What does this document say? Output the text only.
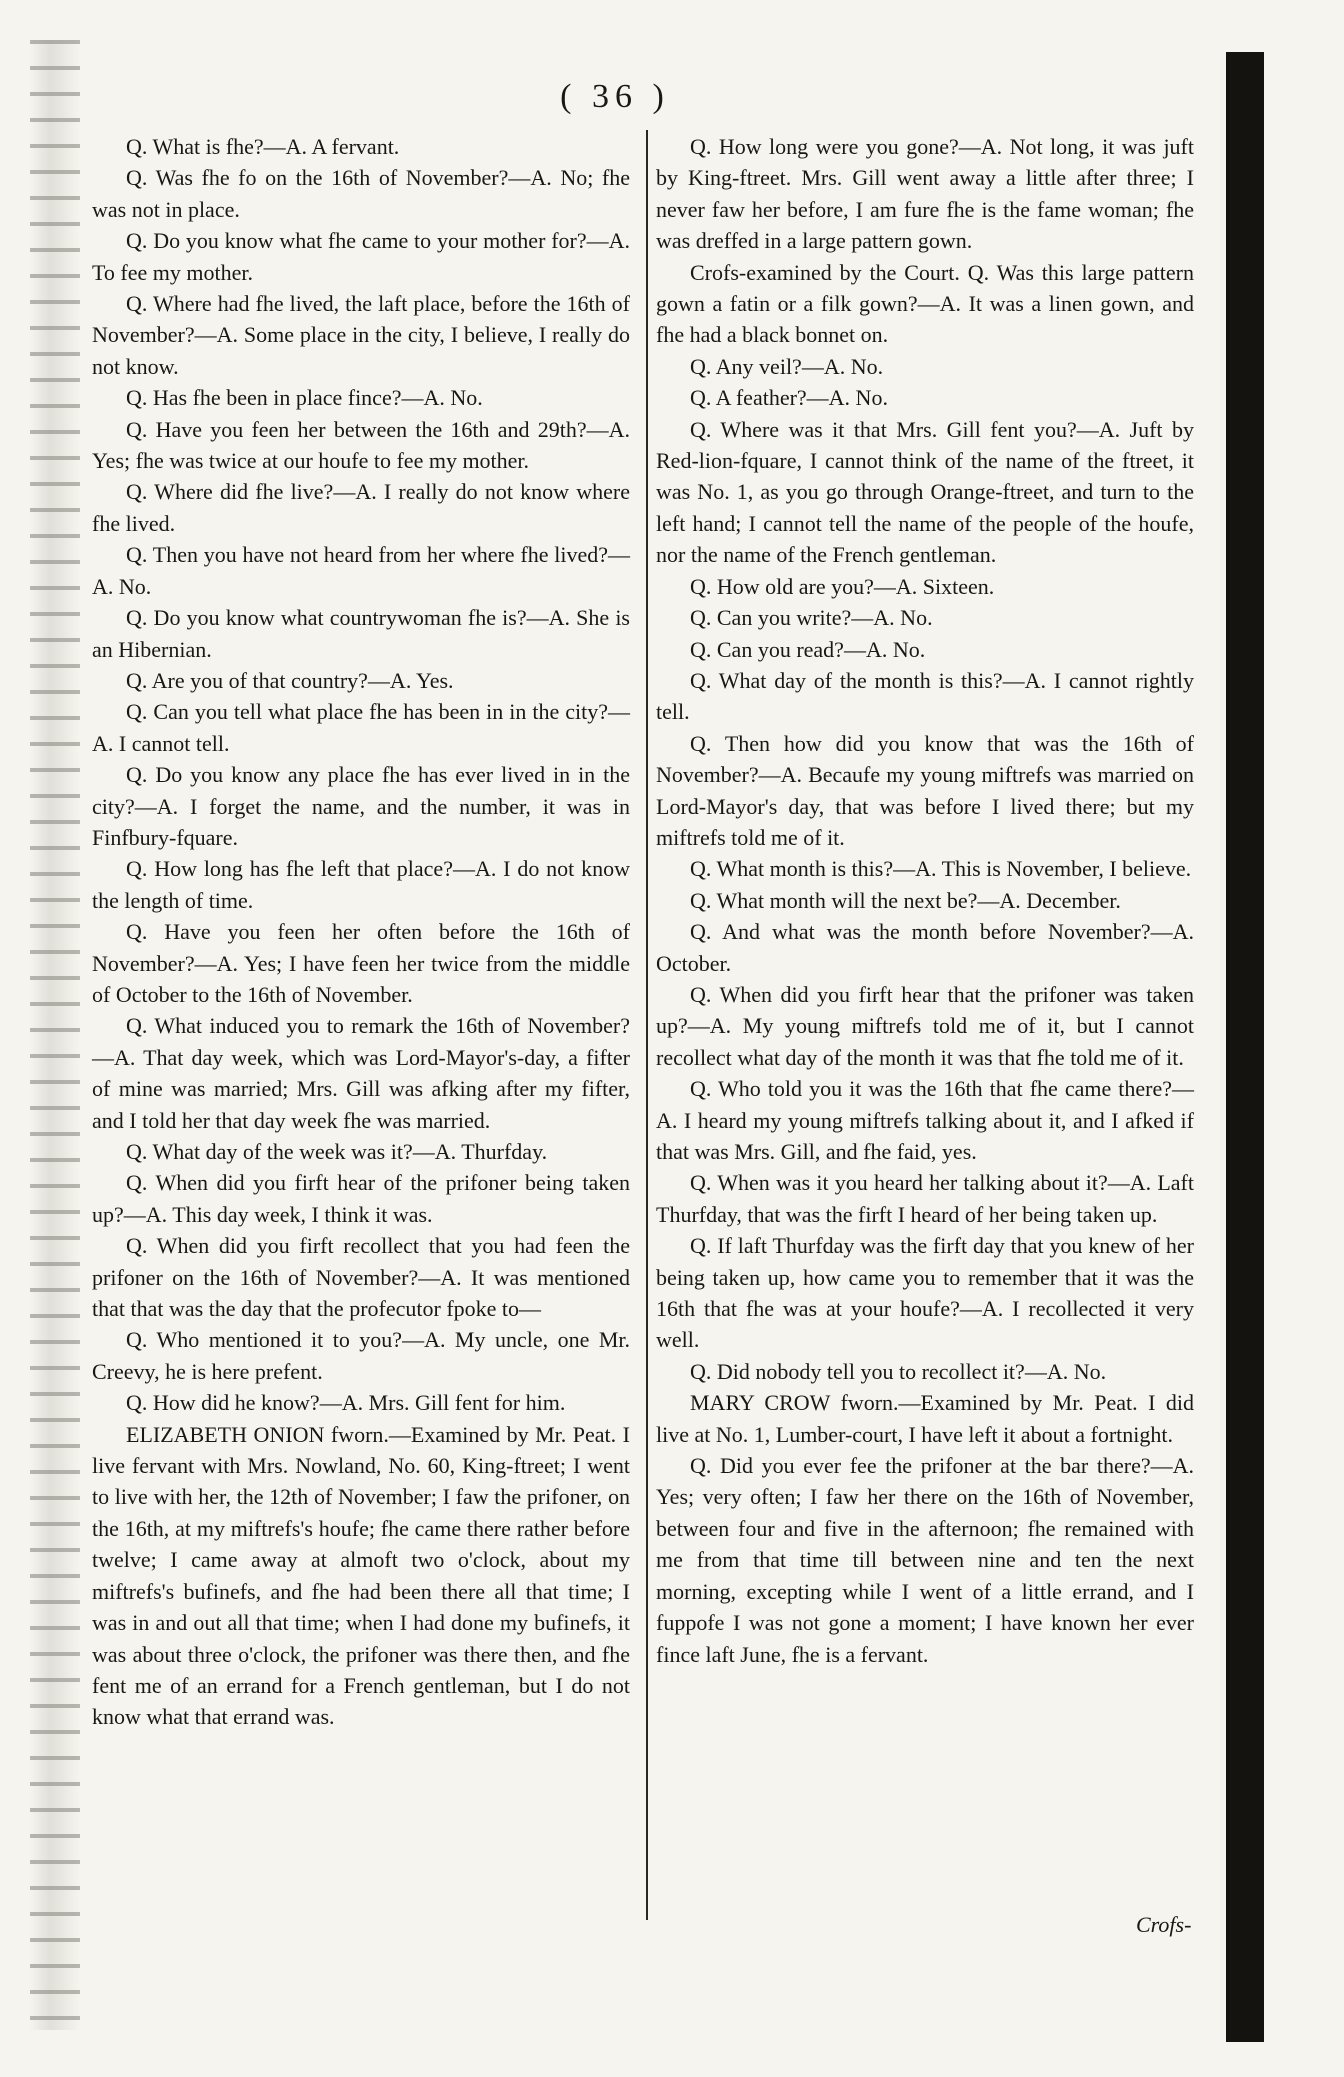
( 36 )

Q. What is fhe?—A. A fervant.

Q. Was fhe fo on the 16th of November?—A. No; fhe was not in place.

Q. Do you know what fhe came to your mother for?—A. To fee my mother.

Q. Where had fhe lived, the laft place, before the 16th of November?—A. Some place in the city, I believe, I really do not know.

Q. Has fhe been in place fince?—A. No.

Q. Have you feen her between the 16th and 29th?—A. Yes; fhe was twice at our houfe to fee my mother.

Q. Where did fhe live?—A. I really do not know where fhe lived.

Q. Then you have not heard from her where fhe lived?—A. No.

Q. Do you know what countrywoman fhe is?—A. She is an Hibernian.

Q. Are you of that country?—A. Yes.

Q. Can you tell what place fhe has been in in the city?—A. I cannot tell.

Q. Do you know any place fhe has ever lived in in the city?—A. I forget the name, and the number, it was in Finfbury-fquare.

Q. How long has fhe left that place?—A. I do not know the length of time.

Q. Have you feen her often before the 16th of November?—A. Yes; I have feen her twice from the middle of October to the 16th of November.

Q. What induced you to remark the 16th of November?—A. That day week, which was Lord-Mayor's-day, a fifter of mine was married; Mrs. Gill was afking after my fifter, and I told her that day week fhe was married.

Q. What day of the week was it?—A. Thurfday.

Q. When did you firft hear of the prifoner being taken up?—A. This day week, I think it was.

Q. When did you firft recollect that you had feen the prifoner on the 16th of November?—A. It was mentioned that that was the day that the profecutor fpoke to—

Q. Who mentioned it to you?—A. My uncle, one Mr. Creevy, he is here prefent.

Q. How did he know?—A. Mrs. Gill fent for him.

ELIZABETH ONION fworn.—Examined by Mr. Peat. I live fervant with Mrs. Nowland, No. 60, King-ftreet; I went to live with her, the 12th of November; I faw the prifoner, on the 16th, at my miftrefs's houfe; fhe came there rather before twelve; I came away at almoft two o'clock, about my miftrefs's bufinefs, and fhe had been there all that time; I was in and out all that time; when I had done my bufinefs, it was about three o'clock, the prifoner was there then, and fhe fent me of an errand for a French gentleman, but I do not know what that errand was.

Q. How long were you gone?—A. Not long, it was juft by King-ftreet. Mrs. Gill went away a little after three; I never faw her before, I am fure fhe is the fame woman; fhe was dreffed in a large pattern gown.

Crofs-examined by the Court. Q. Was this large pattern gown a fatin or a filk gown?—A. It was a linen gown, and fhe had a black bonnet on.

Q. Any veil?—A. No.

Q. A feather?—A. No.

Q. Where was it that Mrs. Gill fent you?—A. Juft by Red-lion-fquare, I cannot think of the name of the ftreet, it was No. 1, as you go through Orange-ftreet, and turn to the left hand; I cannot tell the name of the people of the houfe, nor the name of the French gentleman.

Q. How old are you?—A. Sixteen.

Q. Can you write?—A. No.

Q. Can you read?—A. No.

Q. What day of the month is this?—A. I cannot rightly tell.

Q. Then how did you know that was the 16th of November?—A. Becaufe my young miftrefs was married on Lord-Mayor's day, that was before I lived there; but my miftrefs told me of it.

Q. What month is this?—A. This is November, I believe.

Q. What month will the next be?—A. December.

Q. And what was the month before November?—A. October.

Q. When did you firft hear that the prifoner was taken up?—A. My young miftrefs told me of it, but I cannot recollect what day of the month it was that fhe told me of it.

Q. Who told you it was the 16th that fhe came there?—A. I heard my young miftrefs talking about it, and I afked if that was Mrs. Gill, and fhe faid, yes.

Q. When was it you heard her talking about it?—A. Laft Thurfday, that was the firft I heard of her being taken up.

Q. If laft Thurfday was the firft day that you knew of her being taken up, how came you to remember that it was the 16th that fhe was at your houfe?—A. I recollected it very well.

Q. Did nobody tell you to recollect it?—A. No.

MARY CROW fworn.—Examined by Mr. Peat. I did live at No. 1, Lumber-court, I have left it about a fortnight.

Q. Did you ever fee the prifoner at the bar there?—A. Yes; very often; I faw her there on the 16th of November, between four and five in the afternoon; fhe remained with me from that time till between nine and ten the next morning, excepting while I went of a little errand, and I fuppofe I was not gone a moment; I have known her ever fince laft June, fhe is a fervant.

Crofs-
